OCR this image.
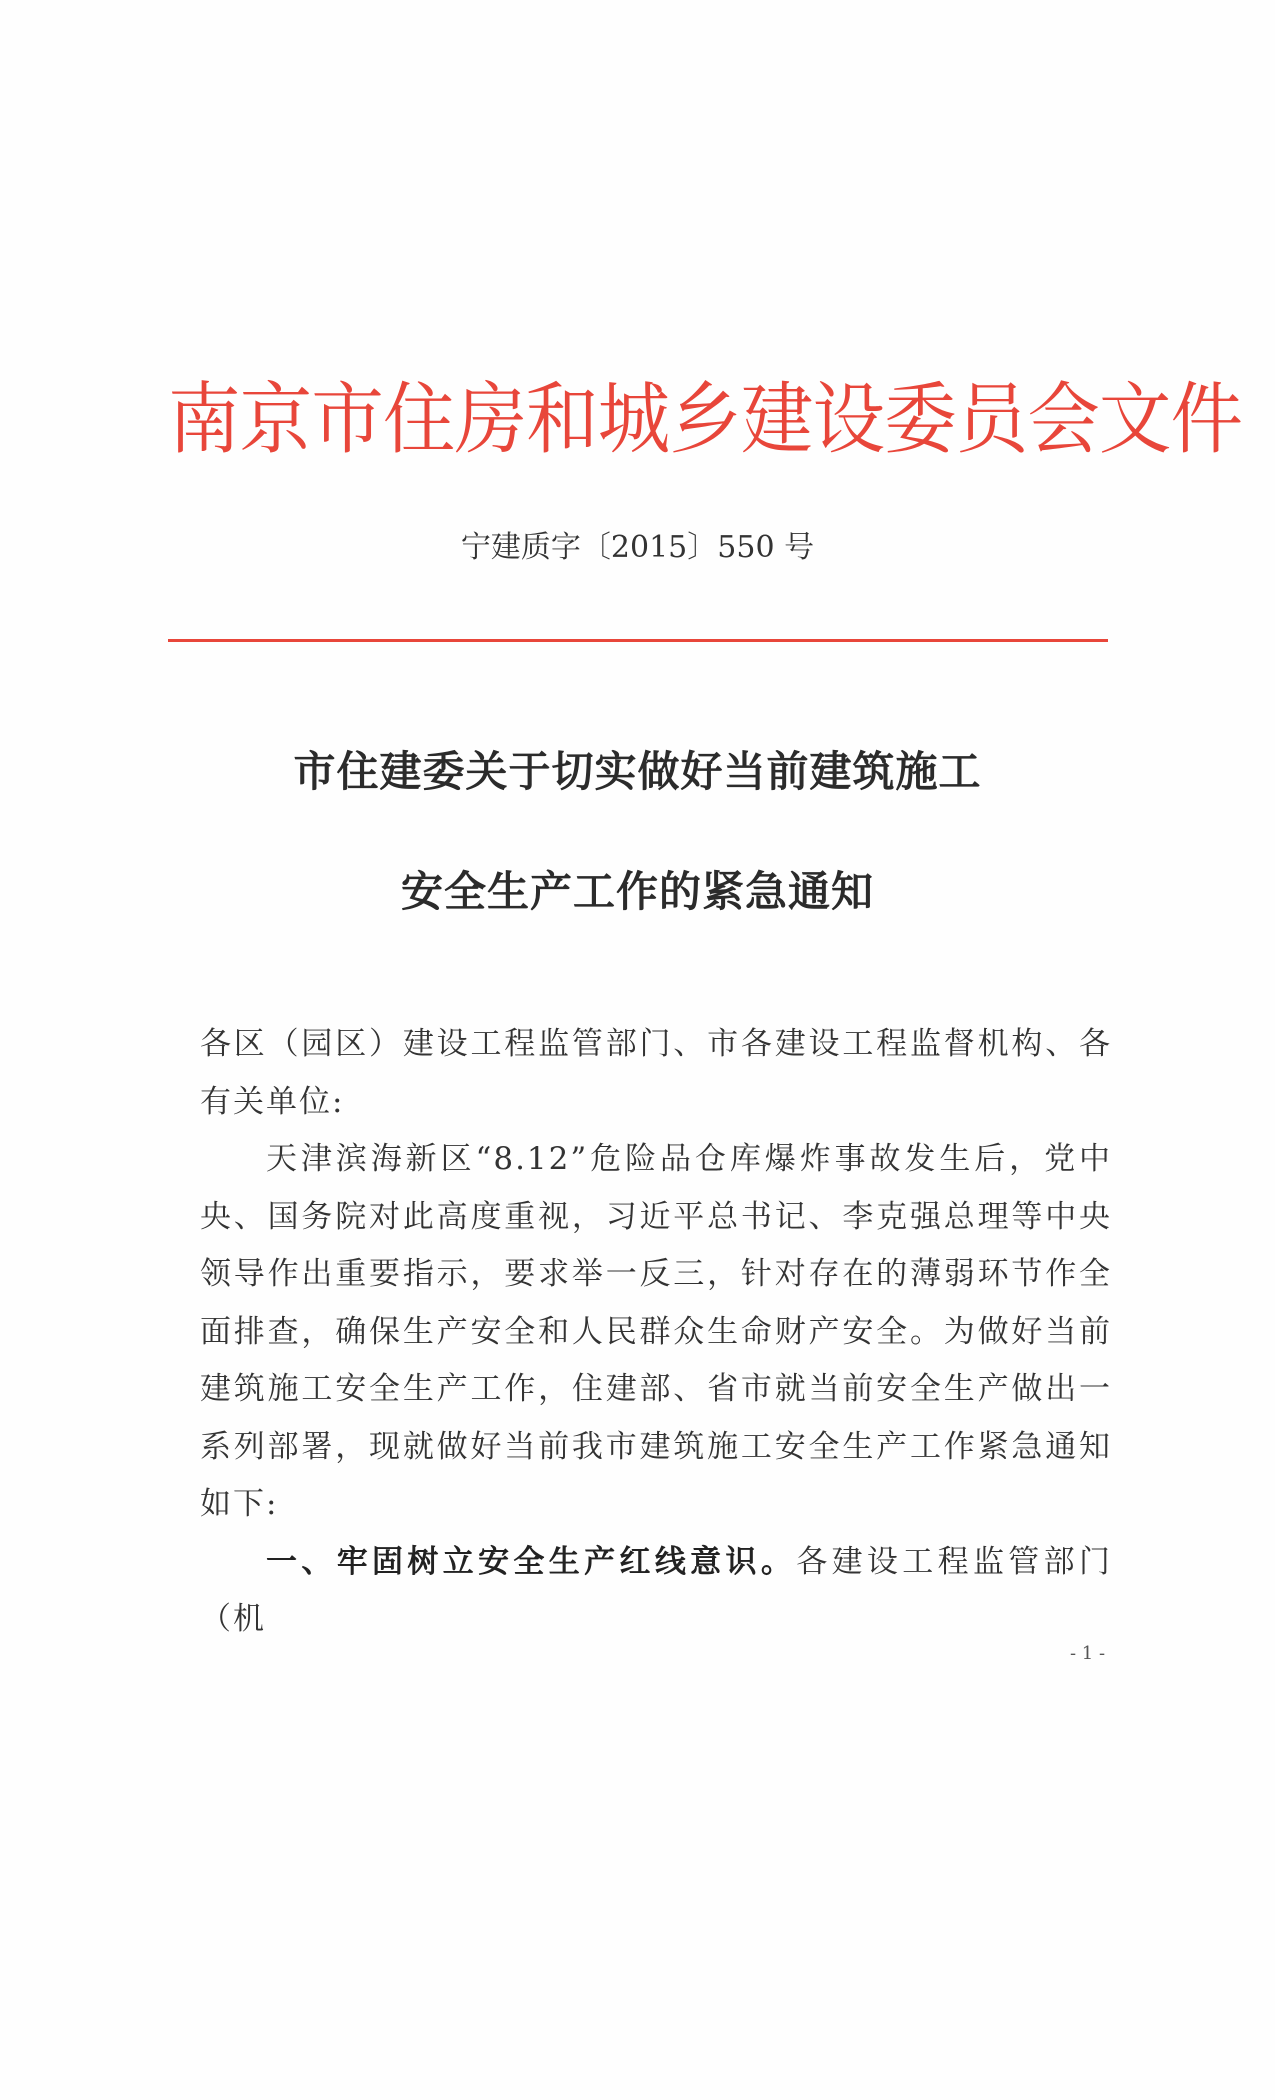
南京市住房和城乡建设委员会文件
宁建质字〔2015〕550 号
市住建委关于切实做好当前建筑施工
安全生产工作的紧急通知

各区（园区）建设工程监管部门、市各建设工程监督机构、各有关单位:

天津滨海新区“8.12”危险品仓库爆炸事故发生后，党中央、国务院对此高度重视，习近平总书记、李克强总理等中央领导作出重要指示，要求举一反三，针对存在的薄弱环节作全面排查，确保生产安全和人民群众生命财产安全。为做好当前建筑施工安全生产工作，住建部、省市就当前安全生产做出一系列部署，现就做好当前我市建筑施工安全生产工作紧急通知如下:

一、牢固树立安全生产红线意识。各建设工程监管部门（机

- 1 -
